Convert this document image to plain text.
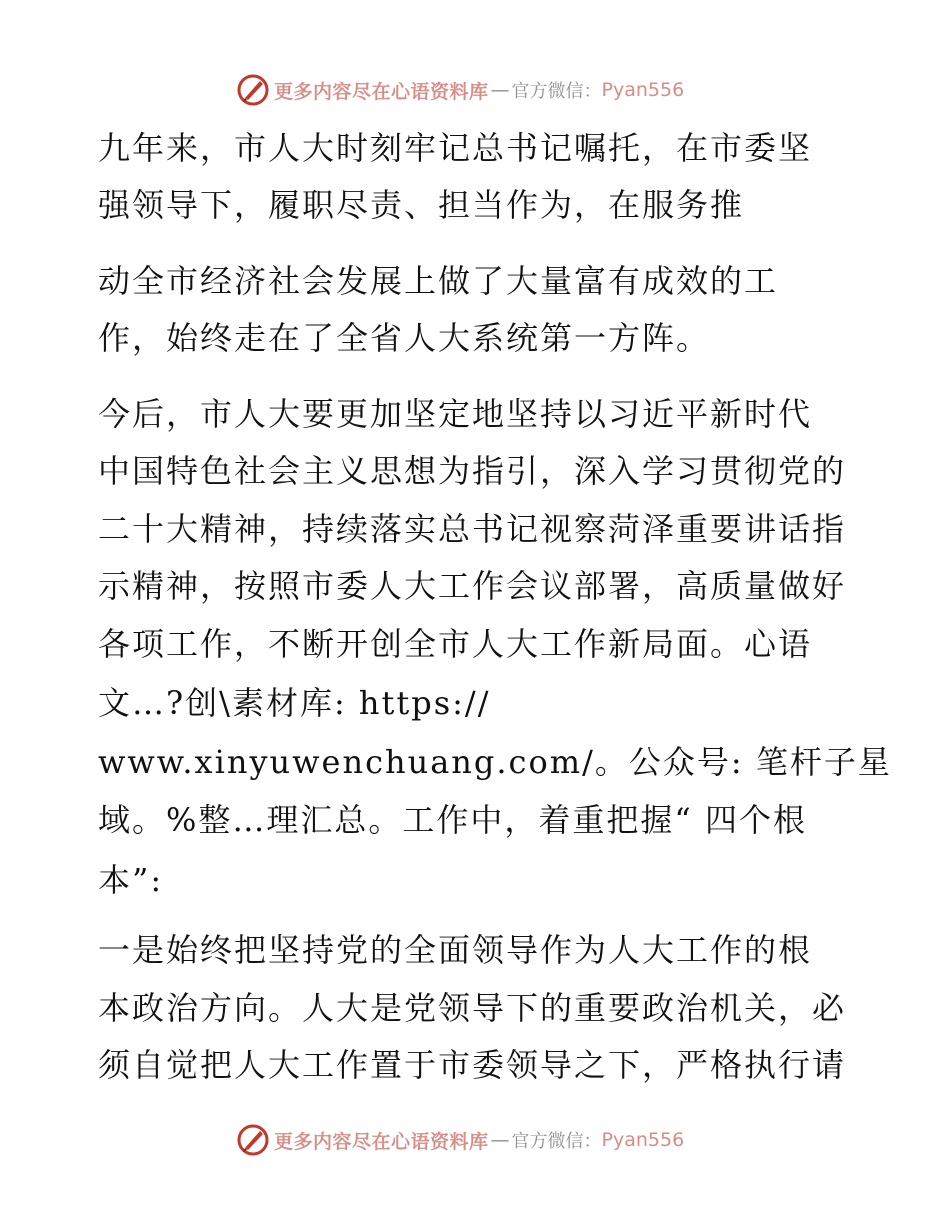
更多内容尽在心语资料库 — 官方微信： Pyan556
九年来，市人大时刻牢记总书记嘱托，在市委坚
强领导下，履职尽责、担当作为，在服务推
动全市经济社会发展上做了大量富有成效的工
作，始终走在了全省人大系统第一方阵。
今后，市人大要更加坚定地坚持以习近平新时代
中国特色社会主义思想为指引，深入学习贯彻党的
二十大精神，持续落实总书记视察菏泽重要讲话指
示精神，按照市委人大工作会议部署，高质量做好
各项工作，不断开创全市人大工作新局面。心语
文…?创\素材库: https://
www.xinyuwenchuang.com/。公众号: 笔杆子星
域。%整…理汇总。工作中，着重把握“ 四个根
本”:
一是始终把坚持党的全面领导作为人大工作的根
本政治方向。人大是党领导下的重要政治机关，必
须自觉把人大工作置于市委领导之下，严格执行请
更多内容尽在心语资料库 — 官方微信： Pyan556
